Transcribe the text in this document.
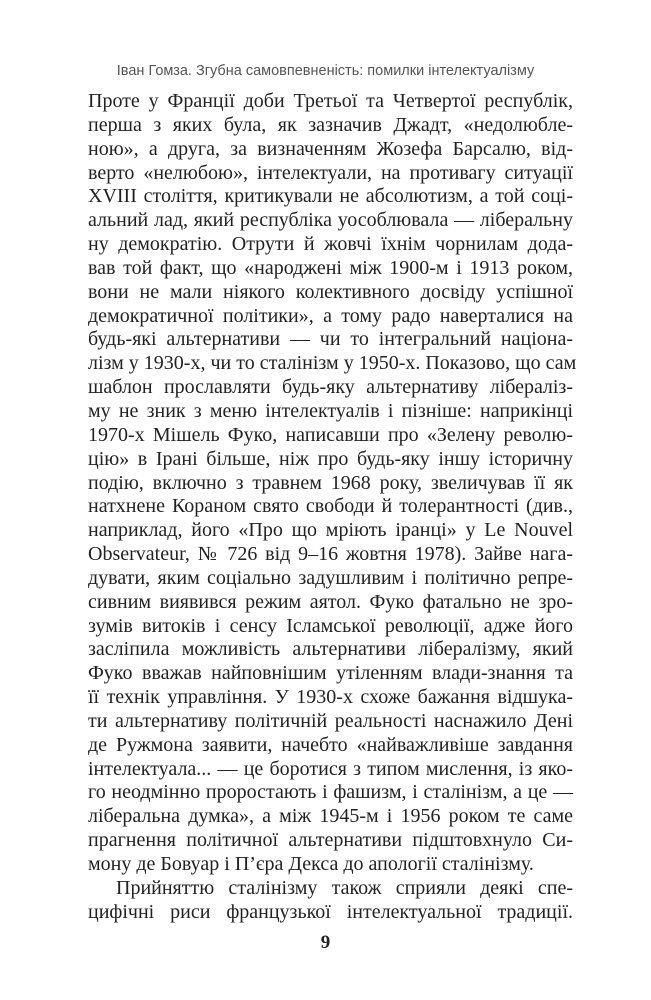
Іван Гомза. Згубна самовпевненість: помилки інтелектуалізму
Проте у Франції доби Третьої та Четвертої республік,
перша з яких була, як зазначив Джадт, «недолюбле-
ною», а друга, за визначенням Жозефа Барсалю, від-
верто «нелюбою», інтелектуали, на противагу ситуації
XVIII століття, критикували не абсолютизм, а той соці-
альний лад, який республіка уособлювала — ліберальну
ну демократію. Отрути й жовчі їхнім чорнилам дода-
вав той факт, що «народжені між 1900-м і 1913 роком,
вони не мали ніякого колективного досвіду успішної
демократичної політики», а тому радо наверталися на
будь-які альтернативи — чи то інтегральний націона-
лізм у 1930-х, чи то сталінізм у 1950-х. Показово, що сам
шаблон прославляти будь-яку альтернативу ліберaліз-
му не зник з меню інтелектуалів і пізніше: наприкінці
1970-х Мішель Фуко, написавши про «Зелену револю-
цію» в Ірані більше, ніж про будь-яку іншу історичну
подію, включно з травнем 1968 року, звеличував її як
натхнене Кораном свято свободи й толерантності (див.,
наприклад, його «Про що мріють іранці» у Le Nouvel
Observateur, № 726 від 9–16 жовтня 1978). Зайве нага-
дувати, яким соціально задушливим і політично репре-
сивним виявився режим аятол. Фуко фатально не зро-
зумів витоків і сенсу Ісламської революції, адже його
засліпила можливість альтернативи лібералізму, який
Фуко вважав найповнішим утіленням влади-знання та
її технік управління. У 1930-х схоже бажання відшука-
ти альтернативу політичній реальності наснажило Дені
де Ружмона заявити, начебто «найважливіше завдання
інтелектуала... — це боротися з типом мислення, із яко-
го неодмінно проростають і фашизм, і сталінізм, а це —
ліберальна думка», а між 1945-м і 1956 роком те саме
прагнення політичної альтернативи підштовхнуло Си-
мону де Бовуар і П’єра Декса до апології сталінізму.
Прийняттю сталінізму також сприяли деякі спе-
цифічні риси французької інтелектуальної традиції.
9
